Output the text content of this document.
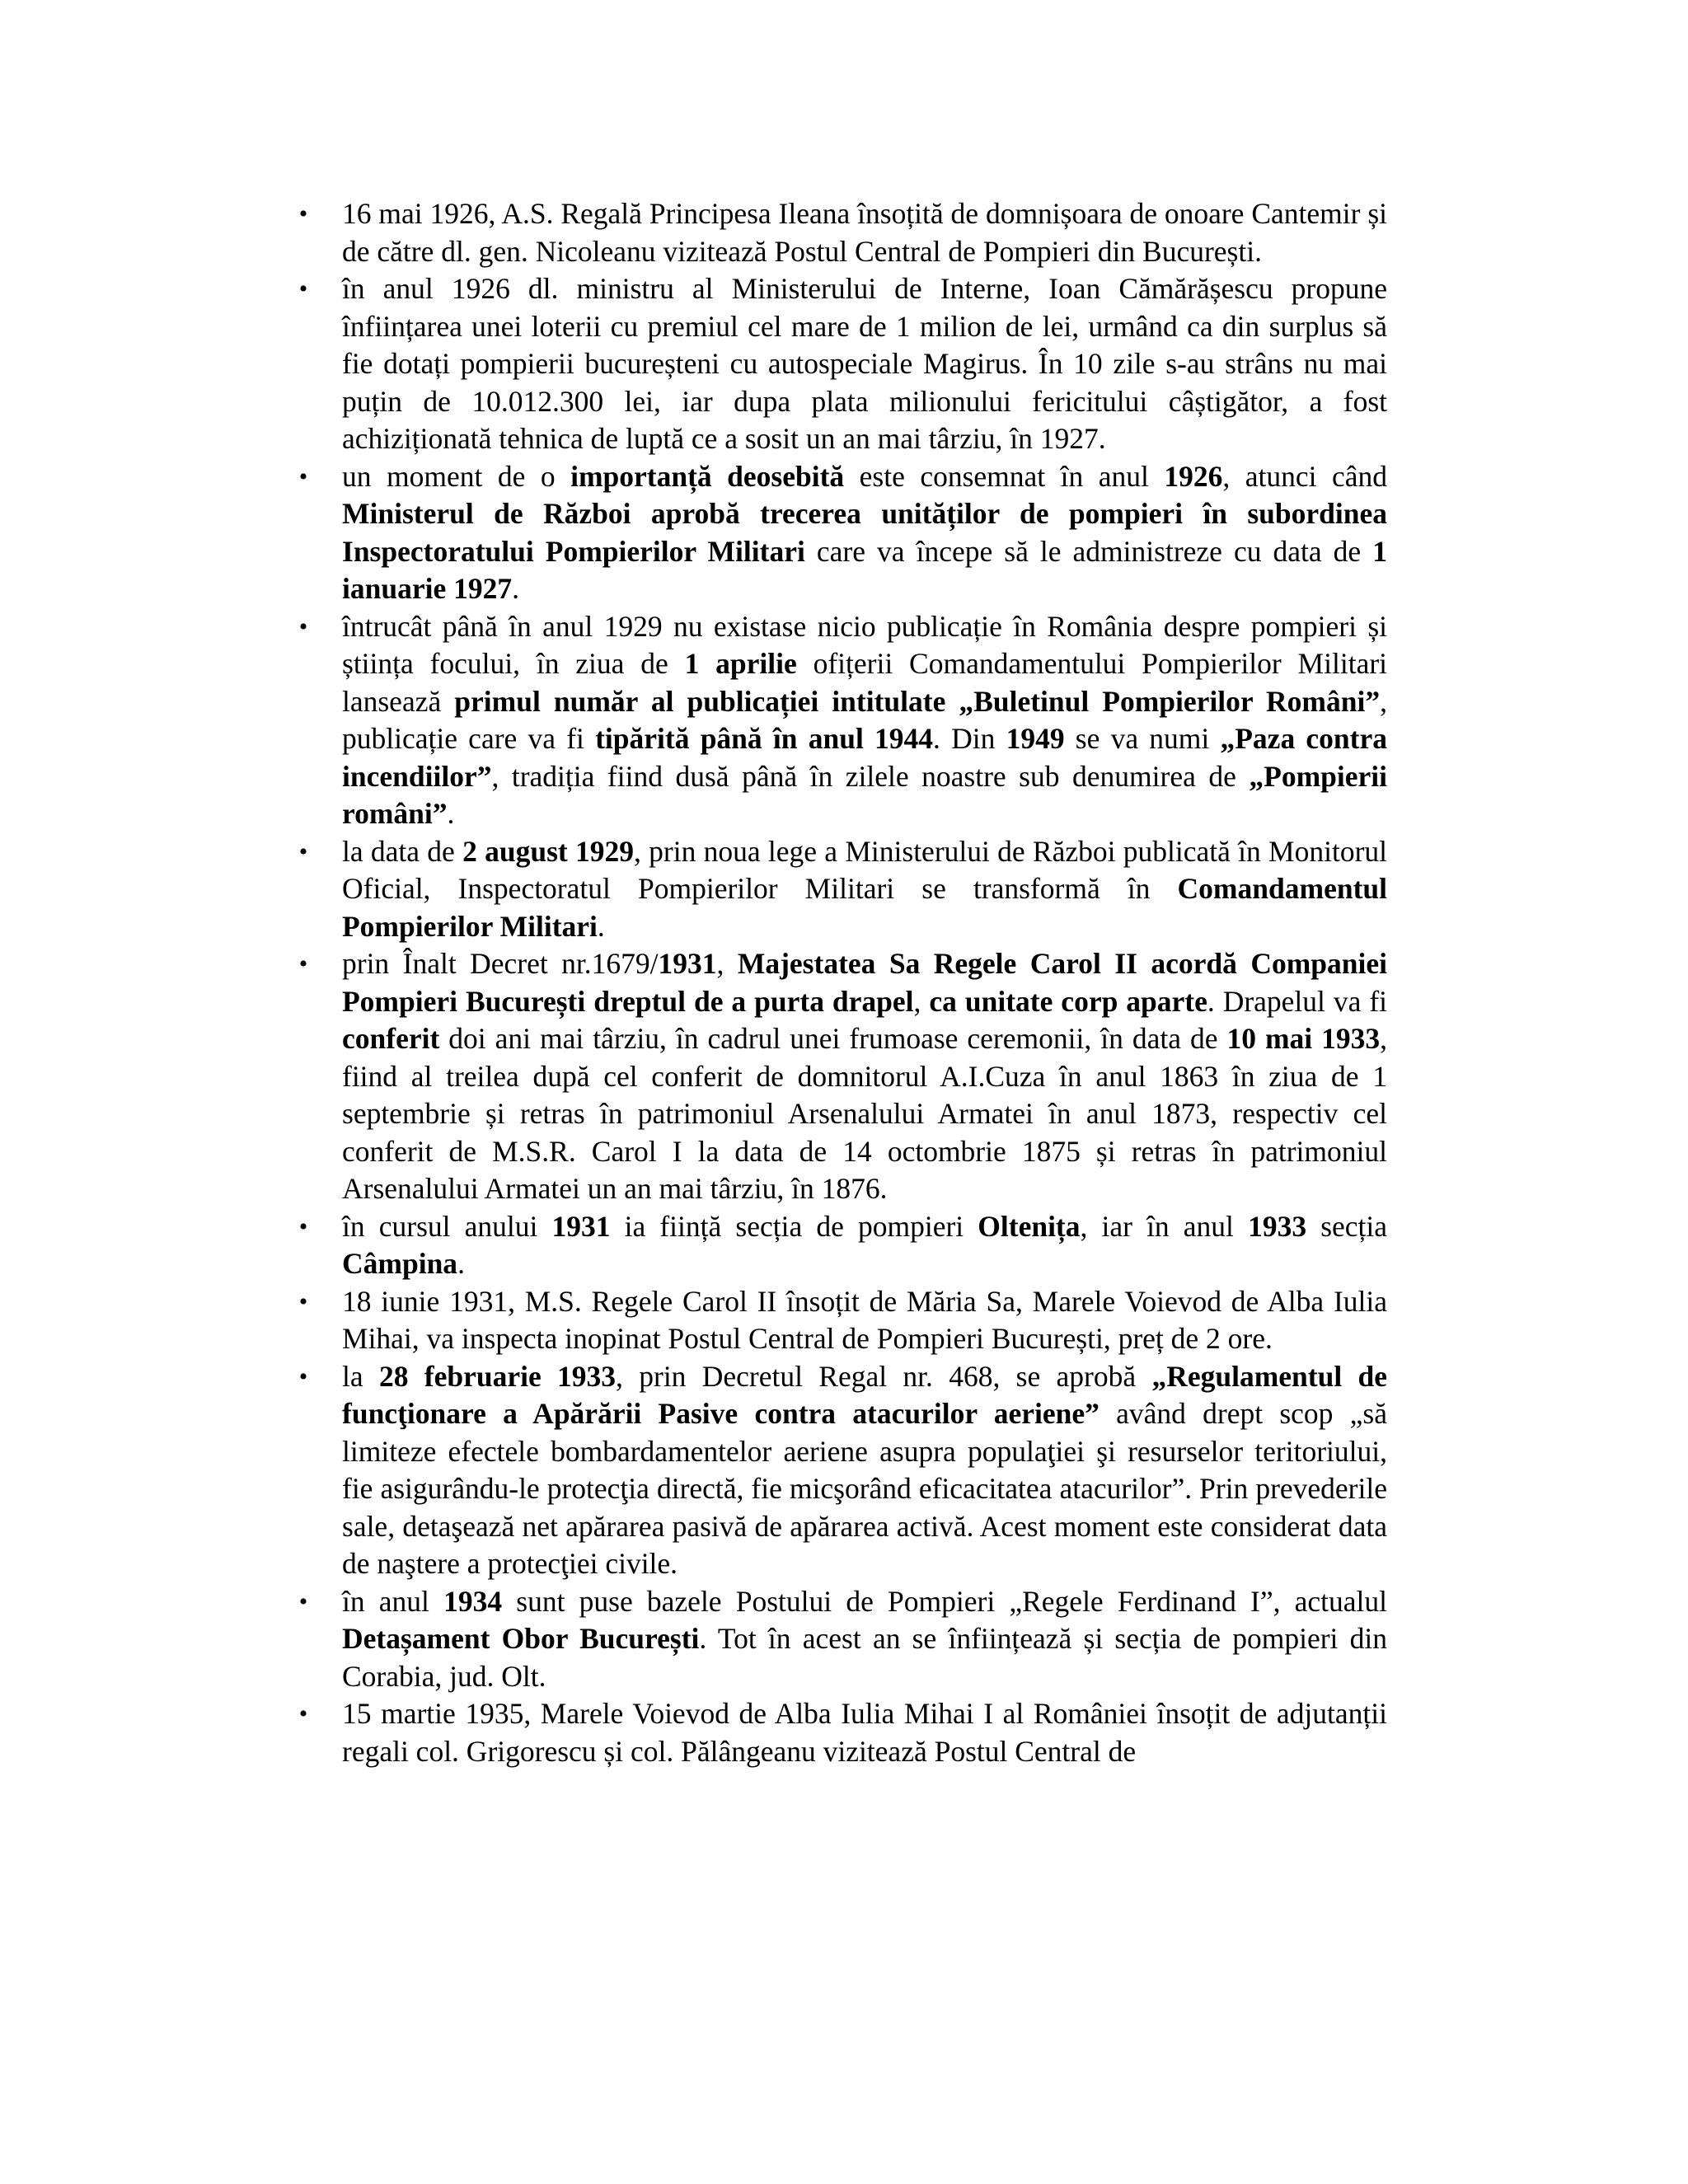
• 16 mai 1926, A.S. Regală Principesa Ileana însoțită de domnișoara de onoare Cantemir și de către dl. gen. Nicoleanu vizitează Postul Central de Pompieri din București.
• în anul 1926 dl. ministru al Ministerului de Interne, Ioan Cămărășescu propune înființarea unei loterii cu premiul cel mare de 1 milion de lei, urmând ca din surplus să fie dotați pompierii bucureșteni cu autospeciale Magirus. În 10 zile s-au strâns nu mai puțin de 10.012.300 lei, iar dupa plata milionului fericitului câștigător, a fost achiziționată tehnica de luptă ce a sosit un an mai târziu, în 1927.
• un moment de o importanță deosebită este consemnat în anul 1926, atunci când Ministerul de Război aprobă trecerea unităților de pompieri în subordinea Inspectoratului Pompierilor Militari care va începe să le administreze cu data de 1 ianuarie 1927.
• întrucât până în anul 1929 nu existase nicio publicație în România despre pompieri și știința focului, în ziua de 1 aprilie ofițerii Comandamentului Pompierilor Militari lansează primul număr al publicației intitulate „Buletinul Pompierilor Români”, publicație care va fi tipărită până în anul 1944. Din 1949 se va numi „Paza contra incendiilor”, tradiția fiind dusă până în zilele noastre sub denumirea de „Pompierii români”.
• la data de 2 august 1929, prin noua lege a Ministerului de Război publicată în Monitorul Oficial, Inspectoratul Pompierilor Militari se transformă în Comandamentul Pompierilor Militari.
• prin Înalt Decret nr.1679/1931, Majestatea Sa Regele Carol II acordă Companiei Pompieri București dreptul de a purta drapel, ca unitate corp aparte. Drapelul va fi conferit doi ani mai târziu, în cadrul unei frumoase ceremonii, în data de 10 mai 1933, fiind al treilea după cel conferit de domnitorul A.I.Cuza în anul 1863 în ziua de 1 septembrie și retras în patrimoniul Arsenalului Armatei în anul 1873, respectiv cel conferit de M.S.R. Carol I la data de 14 octombrie 1875 și retras în patrimoniul Arsenalului Armatei un an mai târziu, în 1876.
• în cursul anului 1931 ia ființă secția de pompieri Oltenița, iar în anul 1933 secția Câmpina.
• 18 iunie 1931, M.S. Regele Carol II însoțit de Măria Sa, Marele Voievod de Alba Iulia Mihai, va inspecta inopinat Postul Central de Pompieri București, preț de 2 ore.
• la 28 februarie 1933, prin Decretul Regal nr. 468, se aprobă „Regulamentul de funcţionare a Apărării Pasive contra atacurilor aeriene” având drept scop „să limiteze efectele bombardamentelor aeriene asupra populaţiei şi resurselor teritoriului, fie asigurându-le protecţia directă, fie micşorând eficacitatea atacurilor”. Prin prevederile sale, detaşează net apărarea pasivă de apărarea activă. Acest moment este considerat data de naştere a protecţiei civile.
• în anul 1934 sunt puse bazele Postului de Pompieri „Regele Ferdinand I”, actualul Detașament Obor București. Tot în acest an se înființează și secția de pompieri din Corabia, jud. Olt.
• 15 martie 1935, Marele Voievod de Alba Iulia Mihai I al României însoțit de adjutanții regali col. Grigorescu și col. Pălângeanu vizitează Postul Central de
